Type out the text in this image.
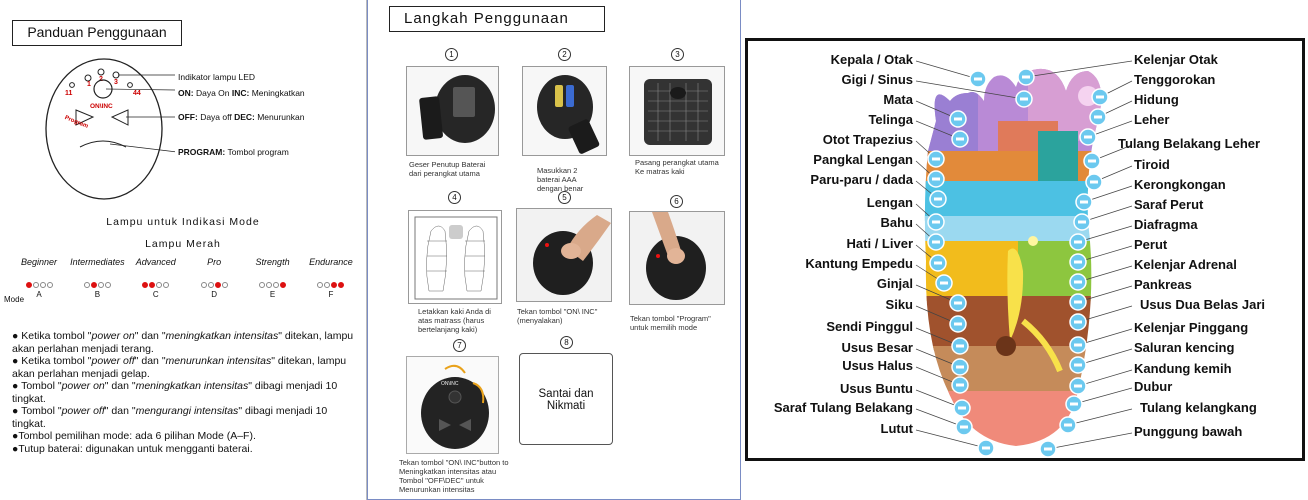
Panduan Penggunaan
1
2 3
11	44
ON\INC
Program
Indikator lampu LED
ON: Daya On INC: Meningkatkan
OFF: Daya off DEC: Menurunkan
PROGRAM: Tombol program
Lampu untuk Indikasi Mode
Lampu Merah
Beginner
A
Intermediates
B
Advanced
C
Pro
D
Strength
E
Endurance
F
Mode
● Ketika tombol "power on" dan "meningkatkan intensitas" ditekan, lampu akan perlahan menjadi terang.
● Ketika tombol "power off" dan "menurunkan intensitas" ditekan, lampu akan perlahan menjadi gelap.
● Tombol "power on" dan "meningkatkan intensitas" dibagi menjadi 10 tingkat.
● Tombol "power off" dan "mengurangi intensitas" dibagi menjadi 10 tingkat.
●Tombol pemilihan mode: ada 6 pilihan Mode (A–F).
●Tutup baterai: digunakan untuk mengganti baterai.
Langkah Penggunaan
1
Geser Penutup Baterai
dari perangkat utama
2
Masukkan 2
baterai AAA
dengan benar
3
Pasang perangkat utama
Ke matras kaki
4
Letakkan kaki Anda di
atas matrass (harus
bertelanjang kaki)
5
Tekan tombol "ON\ INC"
(menyalakan)
6
Tekan tombol "Program"
untuk memilih mode
7
ON\INC
Tekan tombol "ON\ INC"button to
Meningkatkan intensitas atau
Tombol "OFF\DEC" untuk
Menurunkan intensitas
8
Santai dan
Nikmati
Kepala / Otak
Gigi / Sinus
Mata
Telinga
Otot Trapezius
Pangkal Lengan
Paru-paru / dada
Lengan
Bahu
Hati / Liver
Kantung Empedu
Ginjal
Siku
Sendi Pinggul
Usus Besar
Usus Halus
Usus Buntu
Saraf Tulang Belakang
Lutut
Kelenjar Otak
Tenggorokan
Hidung
Leher
Tulang Belakang Leher
Tiroid
Kerongkongan
Saraf Perut
Diafragma
Perut
Kelenjar Adrenal
Pankreas
Usus Dua Belas Jari
Kelenjar Pinggang
Saluran kencing
Kandung kemih
Dubur
Tulang kelangkang
Punggung bawah
